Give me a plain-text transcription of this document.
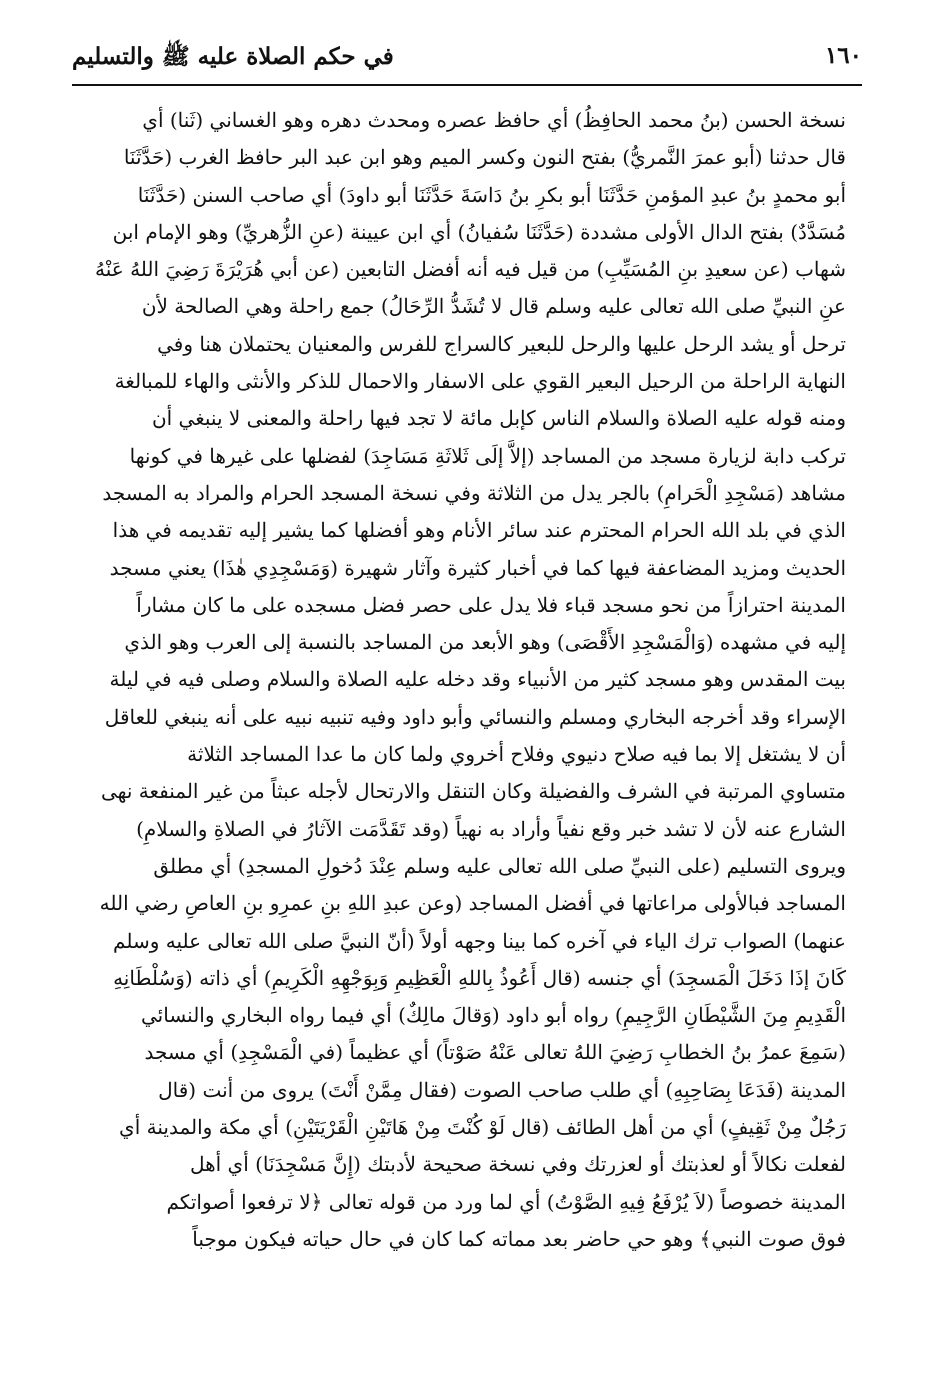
١٦٠
في حكم الصلاة عليه ﷺ والتسليم

نسخة الحسن (بنُ محمد الحافِظُ) أي حافظ عصره ومحدث دهره وهو الغساني (ثَنا) أي

قال حدثنا (أبو عمرَ النَّمريُّ) بفتح النون وكسر الميم وهو ابن عبد البر حافظ الغرب (حَدَّثَنَا

أبو محمدٍ بنُ عبدِ المؤمنِ حَدَّثَنَا أبو بكرِ بنُ دَاسَةَ حَدَّثَنَا أبو داودَ) أي صاحب السنن (حَدَّثَنَا

مُسَدَّدٌ) بفتح الدال الأولى مشددة (حَدَّثَنَا سُفيانُ) أي ابن عيينة (عنِ الزُّهريِّ) وهو الإمام ابن

شهاب (عن سعيدِ بنِ المُسَيِّبِ) من قيل فيه أنه أفضل التابعين (عن أبي هُرَيْرَةَ رَضِيَ اللهُ عَنْهُ

عنِ النبيِّ صلى الله تعالى عليه وسلم قال لا تُشَدُّ الرِّحَالُ) جمع راحلة وهي الصالحة لأن

ترحل أو يشد الرحل عليها والرحل للبعير كالسراج للفرس والمعنيان يحتملان هنا وفي

النهاية الراحلة من الرحيل البعير القوي على الاسفار والاحمال للذكر والأنثى والهاء للمبالغة

ومنه قوله عليه الصلاة والسلام الناس كإبل مائة لا تجد فيها راحلة والمعنى لا ينبغي أن

تركب دابة لزيارة مسجد من المساجد (إلاَّ إلَى ثَلاثَةِ مَسَاجِدَ) لفضلها على غيرها في كونها

مشاهد (مَسْجِدِ الْحَرامِ) بالجر يدل من الثلاثة وفي نسخة المسجد الحرام والمراد به المسجد

الذي في بلد الله الحرام المحترم عند سائر الأنام وهو أفضلها كما يشير إليه تقديمه في هذا

الحديث ومزيد المضاعفة فيها كما في أخبار كثيرة وآثار شهيرة (وَمَسْجِدِي هٰذَا) يعني مسجد

المدينة احترازاً من نحو مسجد قباء فلا يدل على حصر فضل مسجده على ما كان مشاراً

إليه في مشهده (وَالْمَسْجِدِ الأَقْصَى) وهو الأبعد من المساجد بالنسبة إلى العرب وهو الذي

بيت المقدس وهو مسجد كثير من الأنبياء وقد دخله عليه الصلاة والسلام وصلى فيه في ليلة

الإسراء وقد أخرجه البخاري ومسلم والنسائي وأبو داود وفيه تنبيه نبيه على أنه ينبغي للعاقل

أن لا يشتغل إلا بما فيه صلاح دنيوي وفلاح أخروي ولما كان ما عدا المساجد الثلاثة

متساوي المرتبة في الشرف والفضيلة وكان التنقل والارتحال لأجله عبثاً من غير المنفعة نهى

الشارع عنه لأن لا تشد خبر وقع نفياً وأراد به نهياً (وقد تَقَدَّمَت الآثارُ في الصلاةِ والسلامِ)

ويروى التسليم (على النبيِّ صلى الله تعالى عليه وسلم عِنْدَ دُخولِ المسجدِ) أي مطلق

المساجد فبالأولى مراعاتها في أفضل المساجد (وعن عبدِ اللهِ بنِ عمرِو بنِ العاصِ رضي الله

عنهما) الصواب ترك الياء في آخره كما بينا وجهه أولاً (أنّ النبيَّ صلى الله تعالى عليه وسلم

كَانَ إذَا دَخَلَ الْمَسجِدَ) أي جنسه (قال أَعُوذُ بِاللهِ الْعَظِيمِ وَبِوَجْهِهِ الْكَرِيمِ) أي ذاته (وَسُلْطَانِهِ

الْقَدِيمِ مِنَ الشَّيْطَانِ الرَّجِيمِ) رواه أبو داود (وَقالَ مالِكٌ) أي فيما رواه البخاري والنسائي

(سَمِعَ عمرُ بنُ الخطابِ رَضِيَ اللهُ تعالى عَنْهُ صَوْتاً) أي عظيماً (في الْمَسْجِدِ) أي مسجد

المدينة (فَدَعَا بِصَاحِبِهِ) أي طلب صاحب الصوت (فقال مِمَّنْ أَنْتَ) يروى من أنت (قال

رَجُلٌ مِنْ ثَقِيفٍ) أي من أهل الطائف (قال لَوْ كُنْتَ مِنْ هَاتَيْنِ الْقَرْيَتَيْنِ) أي مكة والمدينة أي

لفعلت نكالاً أو لعذبتك أو لعزرتك وفي نسخة صحيحة لأدبتك (إِنَّ مَسْجِدَنَا) أي أهل

المدينة خصوصاً (لاَ يُرْفَعُ فِيهِ الصَّوْتُ) أي لما ورد من قوله تعالى ﴿لا ترفعوا أصواتكم

فوق صوت النبي﴾ وهو حي حاضر بعد مماته كما كان في حال حياته فيكون موجباً
